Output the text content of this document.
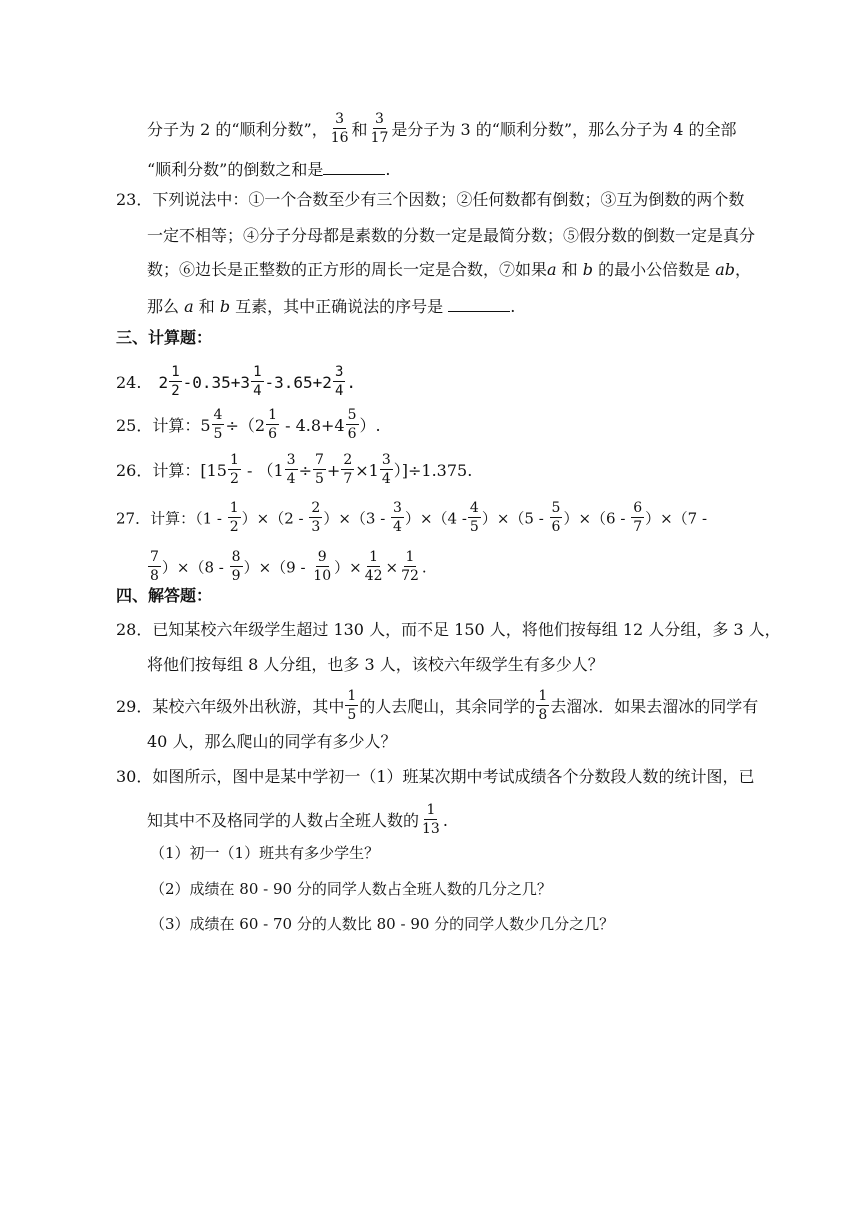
分子为 2 的“顺利分数”， $\frac{3}{16}$ 和 $\frac{3}{17}$ 是分子为 3 的“顺利分数”，那么分子为 4 的全部
“顺利分数”的倒数之和是	.
23．下列说法中：①一个合数至少有三个因数；②任何数都有倒数；③互为倒数的两个数
一定不相等；④分子分母都是素数的分数一定是最简分数；⑤假分数的倒数一定是真分
数；⑥边长是正整数的正方形的周长一定是合数，⑦如果a 和 b 的最小公倍数是 ab，
那么 a 和 b 互素，其中正确说法的序号是	.
三、计算题：
24. $2 \frac{1}{2} -0.35+3 \frac{1}{4} -3.65+2 \frac{3}{4}$ .
25．计算：$5 \frac{4}{5} \div(2 \frac{1}{6} - 4.8+4 \frac{5}{6}$ ）.
26．计算：$[15 \frac{1}{2} - (1 \frac{3}{4} \div \frac{7}{5} + \frac{2}{7} \times 1 \frac{3}{4} )]\div 1.375$.
27．计算：$(1 - \frac{1}{2} )\times(2 - \frac{2}{3} )\times(3 - \frac{3}{4} )\times(4 - \frac{4}{5} )\times(5 - \frac{5}{6} )\times(6 - \frac{6}{7} )\times(7$ -
$\frac{7}{8} )\times(8 - \frac{8}{9} )\times(9 - \frac{9}{10}$ ）× $\frac{1}{42} \times \frac{1}{72}$ .
四、解答题：
28．已知某校六年级学生超过 130 人，而不足 150 人，将他们按每组 12 人分组，多 3 人，
将他们按每组 8 人分组，也多 3 人，该校六年级学生有多少人？
29．某校六年级外出秋游，其中 $\frac{1}{5}$ 的人去爬山，其余同学的 $\frac{1}{8}$ 去溜冰．如果去溜冰的同学有
40 人，那么爬山的同学有多少人？
30．如图所示，图中是某中学初一（1）班某次期中考试成绩各个分数段人数的统计图，已
知其中不及格同学的人数占全班人数的 $\frac{1}{13}$ .
（1）初一（1）班共有多少学生？
（2）成绩在 80 - 90 分的同学人数占全班人数的几分之几？
（3）成绩在 60 - 70 分的人数比 80 - 90 分的同学人数少几分之几？
